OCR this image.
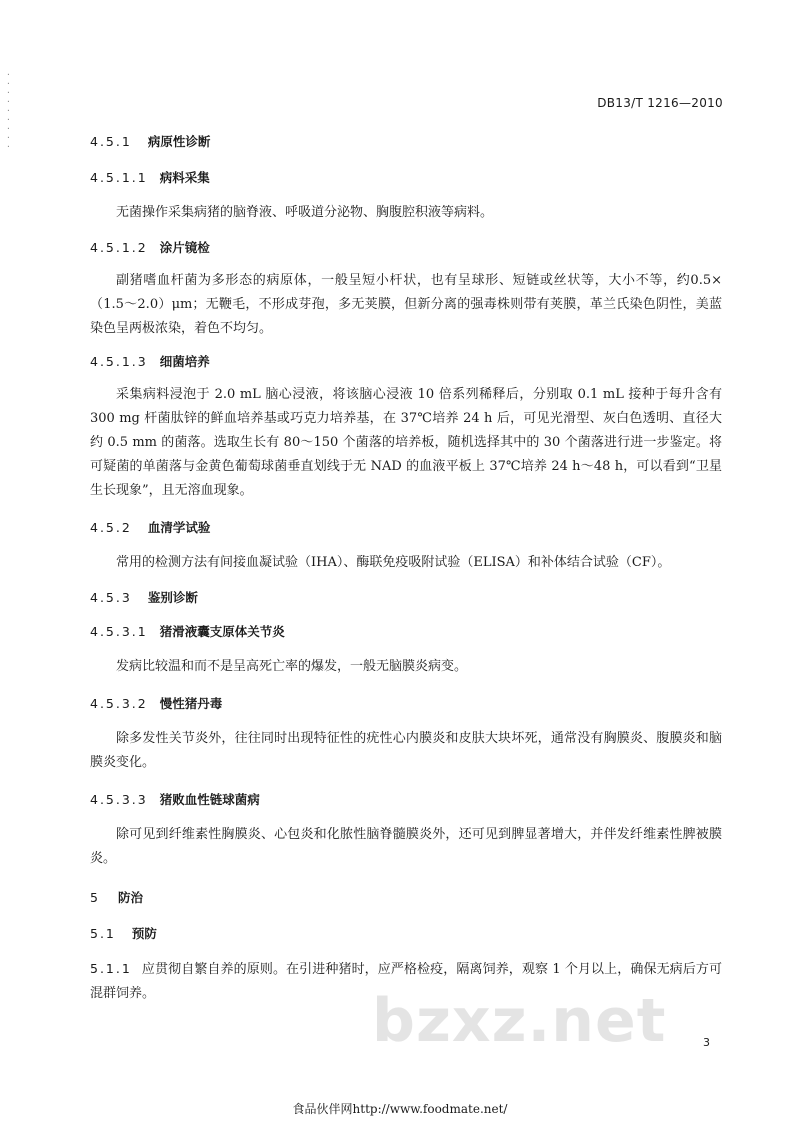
. . . . . . . . .
DB13/T 1216—2010
4.5.1 病原性诊断
4.5.1.1 病料采集

无菌操作采集病猪的脑脊液、呼吸道分泌物、胸腹腔积液等病料。

4.5.1.2 涂片镜检

副猪嗜血杆菌为多形态的病原体，一般呈短小杆状，也有呈球形、短链或丝状等，大小不等，约0.5×（1.5～2.0）μm；无鞭毛，不形成芽孢，多无荚膜，但新分离的强毒株则带有荚膜，革兰氏染色阴性，美蓝染色呈两极浓染，着色不均匀。

4.5.1.3 细菌培养

采集病料浸泡于 2.0 mL 脑心浸液，将该脑心浸液 10 倍系列稀释后，分别取 0.1 mL 接种于每升含有 300 mg 杆菌肽锌的鲜血培养基或巧克力培养基，在 37℃培养 24 h 后，可见光滑型、灰白色透明、直径大约 0.5 mm 的菌落。选取生长有 80～150 个菌落的培养板，随机选择其中的 30 个菌落进行进一步鉴定。将可疑菌的单菌落与金黄色葡萄球菌垂直划线于无 NAD 的血液平板上 37℃培养 24 h～48 h，可以看到“卫星生长现象”，且无溶血现象。

4.5.2 血清学试验

常用的检测方法有间接血凝试验（IHA）、酶联免疫吸附试验（ELISA）和补体结合试验（CF）。

4.5.3 鉴别诊断
4.5.3.1 猪滑液囊支原体关节炎

发病比较温和而不是呈高死亡率的爆发，一般无脑膜炎病变。

4.5.3.2 慢性猪丹毒

除多发性关节炎外，往往同时出现特征性的疣性心内膜炎和皮肤大块坏死，通常没有胸膜炎、腹膜炎和脑膜炎变化。

4.5.3.3 猪败血性链球菌病

除可见到纤维素性胸膜炎、心包炎和化脓性脑脊髓膜炎外，还可见到脾显著增大，并伴发纤维素性脾被膜炎。

5 防治
5.1 预防

5.1.1 应贯彻自繁自养的原则。在引进种猪时，应严格检疫，隔离饲养，观察 1 个月以上，确保无病后方可混群饲养。	bzxz.net	3
食品伙伴网http://www.foodmate.net/
